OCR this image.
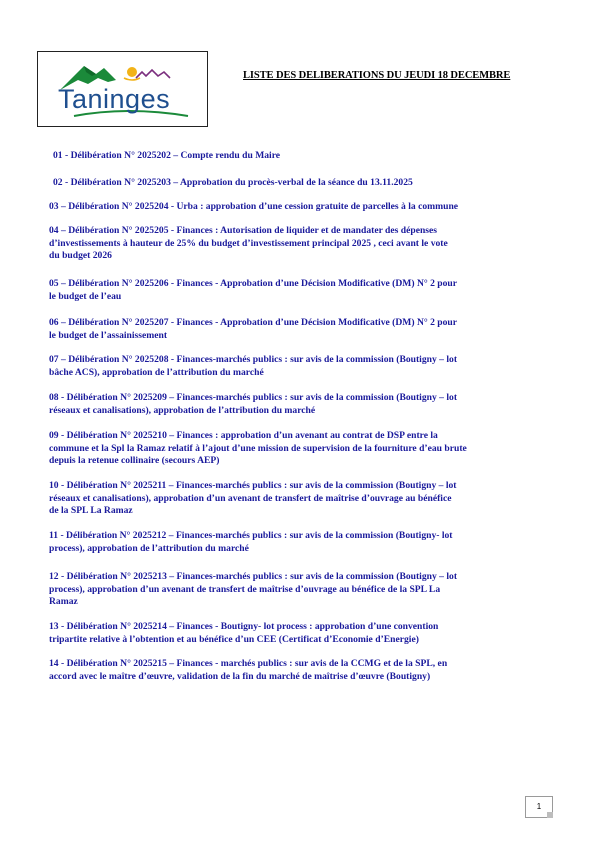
Taninges
LISTE DES DELIBERATIONS DU JEUDI 18 DECEMBRE
01 - Délibération N° 2025202 – Compte rendu du Maire
02 - Délibération N° 2025203 – Approbation du procès-verbal de la séance du 13.11.2025
03 – Délibération N° 2025204 - Urba : approbation d’une cession gratuite de parcelles à la commune
04 – Délibération N° 2025205 - Finances : Autorisation de liquider et de mandater des dépenses
d’investissements à hauteur de 25% du budget d’investissement principal 2025 , ceci avant le vote
du budget 2026
05 – Délibération N° 2025206 - Finances - Approbation d’une Décision Modificative (DM) N° 2 pour
le budget de l’eau
06 – Délibération N° 2025207 - Finances - Approbation d’une Décision Modificative (DM) N° 2 pour
le budget de l’assainissement
07 – Délibération N° 2025208 - Finances-marchés publics : sur avis de la commission (Boutigny – lot
bâche ACS), approbation de l’attribution du marché
08 - Délibération N° 2025209 – Finances-marchés publics : sur avis de la commission (Boutigny – lot
réseaux et canalisations), approbation de l’attribution du marché
09 - Délibération N° 2025210 – Finances : approbation d’un avenant au contrat de DSP entre la
commune et la Spl la Ramaz relatif à l’ajout d’une mission de supervision de la fourniture d’eau brute
depuis la retenue collinaire (secours AEP)
10 - Délibération N° 2025211 – Finances-marchés publics : sur avis de la commission (Boutigny – lot
réseaux et canalisations), approbation d’un avenant de transfert de maîtrise d’ouvrage au bénéfice
de la SPL La Ramaz
11 - Délibération N° 2025212 – Finances-marchés publics : sur avis de la commission (Boutigny- lot
process), approbation de l’attribution du marché
12 - Délibération N° 2025213 – Finances-marchés publics : sur avis de la commission (Boutigny – lot
process), approbation d’un avenant de transfert de maîtrise d’ouvrage au bénéfice de la SPL La
Ramaz
13 - Délibération N° 2025214 – Finances - Boutigny- lot process : approbation d’une convention
tripartite relative à l’obtention et au bénéfice d’un CEE (Certificat d’Economie d’Energie)
14 - Délibération N° 2025215 – Finances - marchés publics : sur avis de la CCMG et de la SPL, en
accord avec le maître d’œuvre, validation de la fin du marché de maîtrise d’œuvre (Boutigny)
1
